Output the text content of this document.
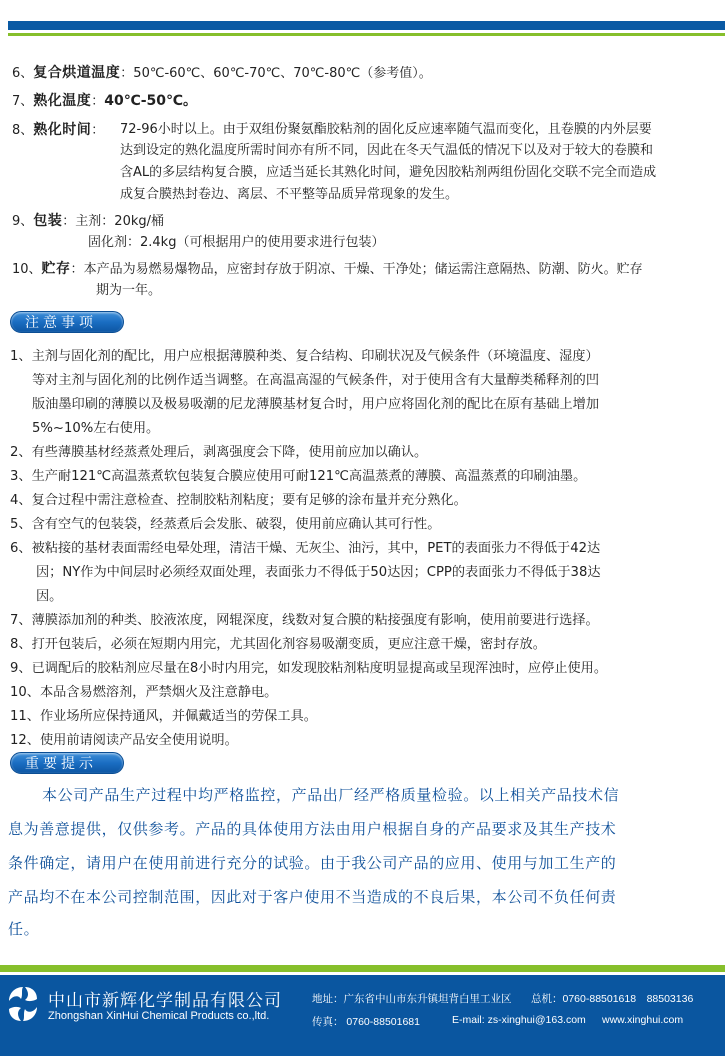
6、复合烘道温度：50℃-60℃、60℃-70℃、70℃-80℃（参考值）。
7、熟化温度：40℃-50℃。
8、熟化时间： 72-96小时以上。由于双组份聚氨酯胶粘剂的固化反应速率随气温而变化，且卷膜的内外层要
达到设定的熟化温度所需时间亦有所不同，因此在冬天气温低的情况下以及对于较大的卷膜和
含AL的多层结构复合膜，应适当延长其熟化时间，避免因胶粘剂两组份固化交联不完全而造成
成复合膜热封卷边、离层、不平整等品质异常现象的发生。
9、包装：主剂：20kg/桶
固化剂：2.4kg（可根据用户的使用要求进行包装）
10、贮存：本产品为易燃易爆物品，应密封存放于阴凉、干燥、干净处；储运需注意隔热、防潮、防火。贮存
期为一年。
注意事项
1、主剂与固化剂的配比，用户应根据薄膜种类、复合结构、印刷状况及气候条件（环境温度、湿度）
等对主剂与固化剂的比例作适当调整。在高温高湿的气候条件，对于使用含有大量醇类稀释剂的凹
版油墨印刷的薄膜以及极易吸潮的尼龙薄膜基材复合时，用户应将固化剂的配比在原有基础上增加
5%~10%左右使用。
2、有些薄膜基材经蒸煮处理后，剥离强度会下降，使用前应加以确认。
3、生产耐121℃高温蒸煮软包装复合膜应使用可耐121℃高温蒸煮的薄膜、高温蒸煮的印刷油墨。
4、复合过程中需注意检查、控制胶粘剂粘度；要有足够的涂布量并充分熟化。
5、含有空气的包装袋，经蒸煮后会发胀、破裂，使用前应确认其可行性。
6、被粘接的基材表面需经电晕处理，清洁干燥、无灰尘、油污，其中，PET的表面张力不得低于42达
因；NY作为中间层时必须经双面处理，表面张力不得低于50达因；CPP的表面张力不得低于38达
因。
7、薄膜添加剂的种类、胶液浓度，网辊深度，线数对复合膜的粘接强度有影响，使用前要进行选择。
8、打开包装后，必须在短期内用完，尤其固化剂容易吸潮变质，更应注意干燥，密封存放。
9、已调配后的胶粘剂应尽量在8小时内用完，如发现胶粘剂粘度明显提高或呈现浑浊时，应停止使用。
10、本品含易燃溶剂，严禁烟火及注意静电。
11、作业场所应保持通风，并佩戴适当的劳保工具。
12、使用前请阅读产品安全使用说明。
重要提示
本公司产品生产过程中均严格监控，产品出厂经严格质量检验。以上相关产品技术信
息为善意提供，仅供参考。产品的具体使用方法由用户根据自身的产品要求及其生产技术
条件确定，请用户在使用前进行充分的试验。由于我公司产品的应用、使用与加工生产的
产品均不在本公司控制范围，因此对于客户使用不当造成的不良后果，本公司不负任何责
任。
中山市新辉化学制品有限公司
Zhongshan XinHui Chemical Products co.,ltd.
地址：广东省中山市东升镇坦背白里工业区 总机：0760-88501618　88503136
传真： 0760-88501681	E-mail: zs-xinghui@163.com www.xinghui.com
